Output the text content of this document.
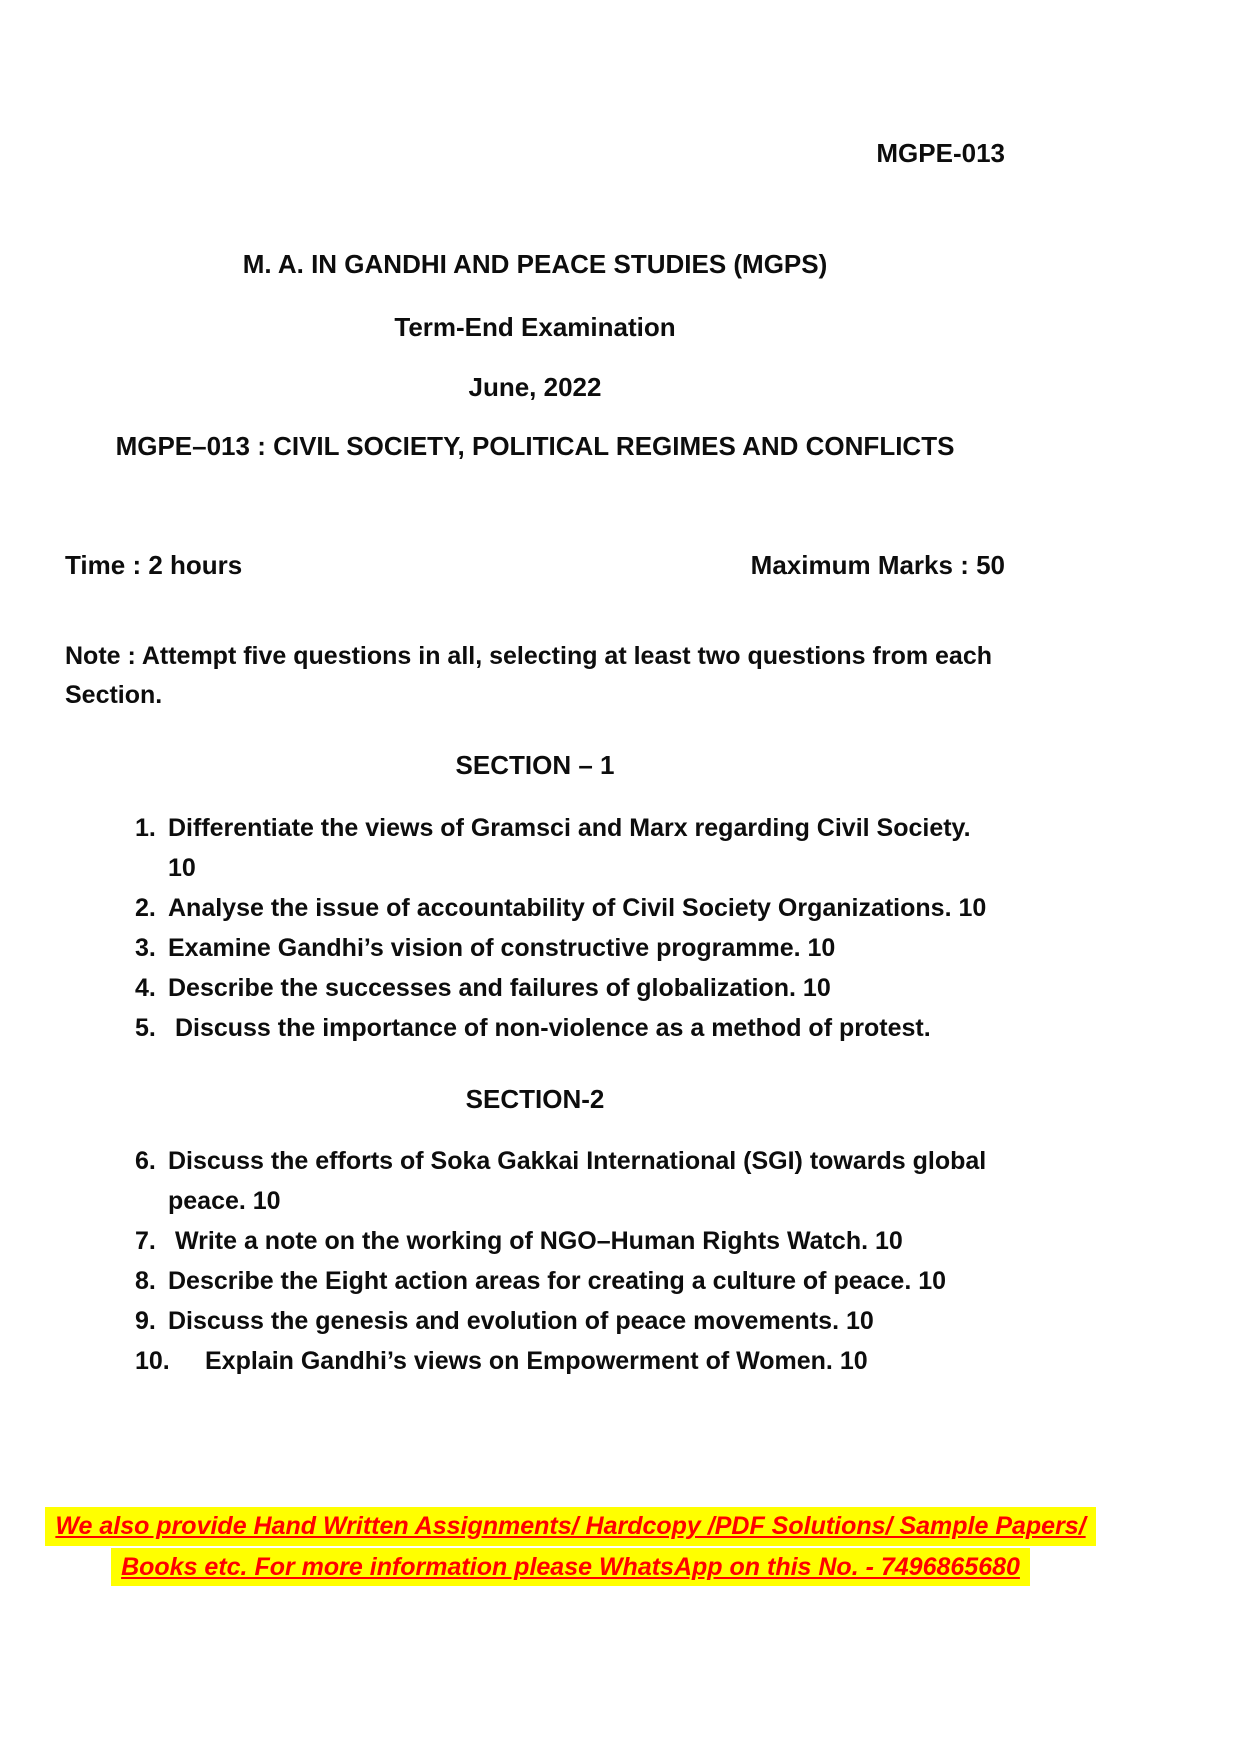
MGPE-013
M. A. IN GANDHI AND PEACE STUDIES (MGPS)
Term-End Examination
June, 2022
MGPE–013 : CIVIL SOCIETY, POLITICAL REGIMES AND CONFLICTS
Time : 2 hours	Maximum Marks : 50
Note : Attempt five questions in all, selecting at least two questions from each Section.
SECTION – 1
1. Differentiate the views of Gramsci and Marx regarding Civil Society. 10
2. Analyse the issue of accountability of Civil Society Organizations. 10
3. Examine Gandhi’s vision of constructive programme. 10
4. Describe the successes and failures of globalization. 10
5. Discuss the importance of non-violence as a method of protest.
SECTION-2
6. Discuss the efforts of Soka Gakkai International (SGI) towards global peace. 10
7. Write a note on the working of NGO–Human Rights Watch. 10
8. Describe the Eight action areas for creating a culture of peace. 10
9. Discuss the genesis and evolution of peace movements. 10
10.	Explain Gandhi’s views on Empowerment of Women. 10
We also provide Hand Written Assignments/ Hardcopy /PDF Solutions/ Sample Papers/
Books etc. For more information please WhatsApp on this No. - 7496865680
